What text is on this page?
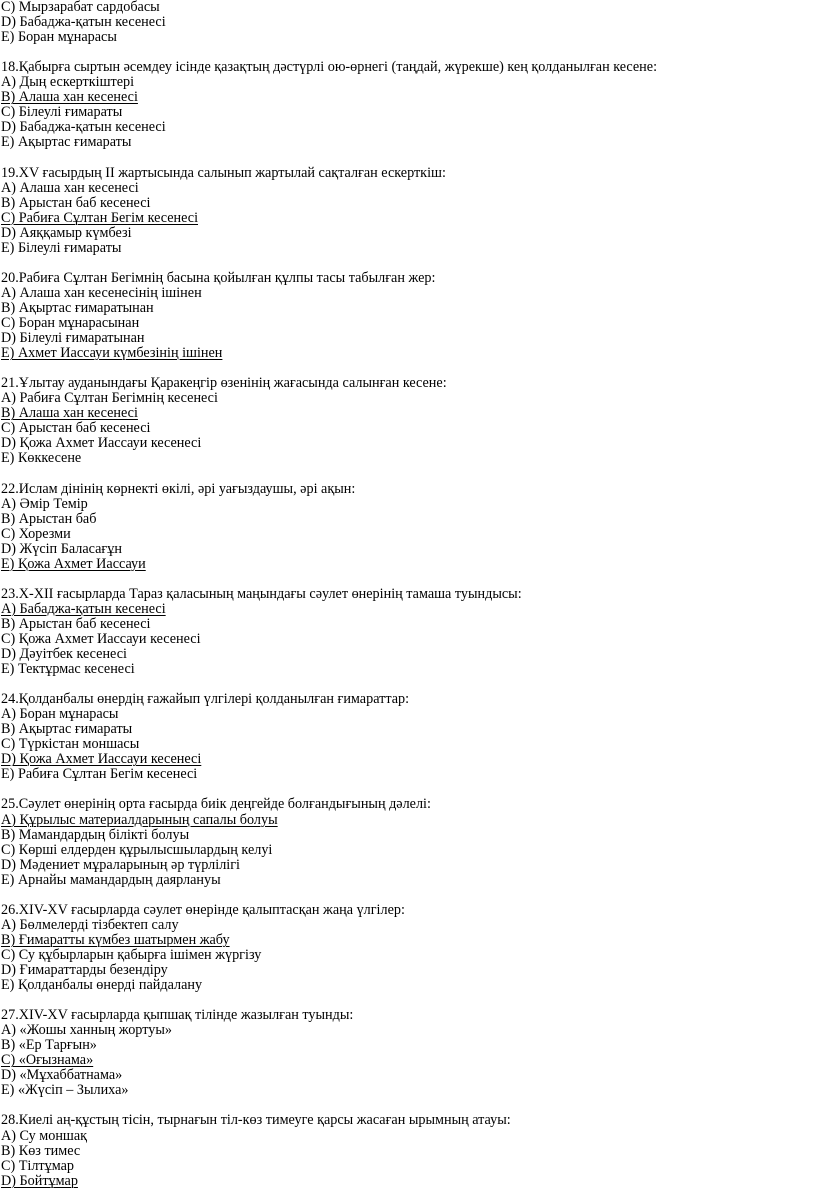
C) Мырзарабат сардобасы
D) Бабаджа-қатын кесенесі
E) Боран мұнарасы
18.Қабырға сыртын әсемдеу ісінде қазақтың дәстүрлі ою-өрнегі (таңдай, жүрекше) кең қолданылған кесене:
A) Дың ескерткіштері
B) Алаша хан кесенесі
C) Білеулі ғимараты
D) Бабаджа-қатын кесенесі
E) Ақыртас ғимараты
19.XV ғасырдың II жартысында салынып жартылай сақталған ескерткіш:
A) Алаша хан кесенесі
B) Арыстан баб кесенесі
C) Рабиға Сұлтан Бегім кесенесі
D) Аяққамыр күмбезі
E) Білеулі ғимараты
20.Рабиға Сұлтан Бегімнің басына қойылған құлпы тасы табылған жер:
A) Алаша хан кесенесінің ішінен
B) Ақыртас ғимаратынан
C) Боран мұнарасынан
D) Білеулі ғимаратынан
E) Ахмет Иассауи күмбезінің ішінен
21.Ұлытау ауданындағы Қаракеңгір өзенінің жағасында салынған кесене:
A) Рабиға Сұлтан Бегімнің кесенесі
B) Алаша хан кесенесі
C) Арыстан баб кесенесі
D) Қожа Ахмет Иассауи кесенесі
E) Көккесене
22.Ислам дінінің көрнекті өкілі, әрі уағыздаушы, әрі ақын:
A) Әмір Темір
B) Арыстан баб
C) Хорезми
D) Жүсіп Баласағұн
E) Қожа Ахмет Иассауи
23.X-XII ғасырларда Тараз қаласының маңындағы сәулет өнерінің тамаша туындысы:
A) Бабаджа-қатын кесенесі
B) Арыстан баб кесенесі
C) Қожа Ахмет Иассауи кесенесі
D) Дәуітбек кесенесі
E) Тектұрмас кесенесі
24.Қолданбалы өнердің ғажайып үлгілері қолданылған ғимараттар:
A) Боран мұнарасы
B) Ақыртас ғимараты
C) Түркістан моншасы
D) Қожа Ахмет Иассауи кесенесі
E) Рабиға Сұлтан Бегім кесенесі
25.Сәулет өнерінің орта ғасырда биік деңгейде болғандығының дәлелі:
A) Құрылыс материалдарының сапалы болуы
B) Мамандардың білікті болуы
C) Көрші елдерден құрылысшылардың келуі
D) Мәдениет мұраларының әр түрлілігі
E) Арнайы мамандардың даярлануы
26.XIV-XV ғасырларда сәулет өнерінде қалыптасқан жаңа үлгілер:
A) Бөлмелерді тізбектеп салу
B) Ғимаратты күмбез шатырмен жабу
C) Су құбырларын қабырға ішімен жүргізу
D) Ғимараттарды безендіру
E) Қолданбалы өнерді пайдалану
27.XIV-XV ғасырларда қыпшақ тілінде жазылған туынды:
A) «Жошы ханның жортуы»
B) «Ер Тарғын»
C) «Оғызнама»
D) «Мұхаббатнама»
E) «Жүсіп – Зылиха»
28.Киелі аң-құстың тісін, тырнағын тіл-көз тимеуге қарсы жасаған ырымның атауы:
A) Су моншақ
B) Көз тимес
C) Тілтұмар
D) Бойтұмар
